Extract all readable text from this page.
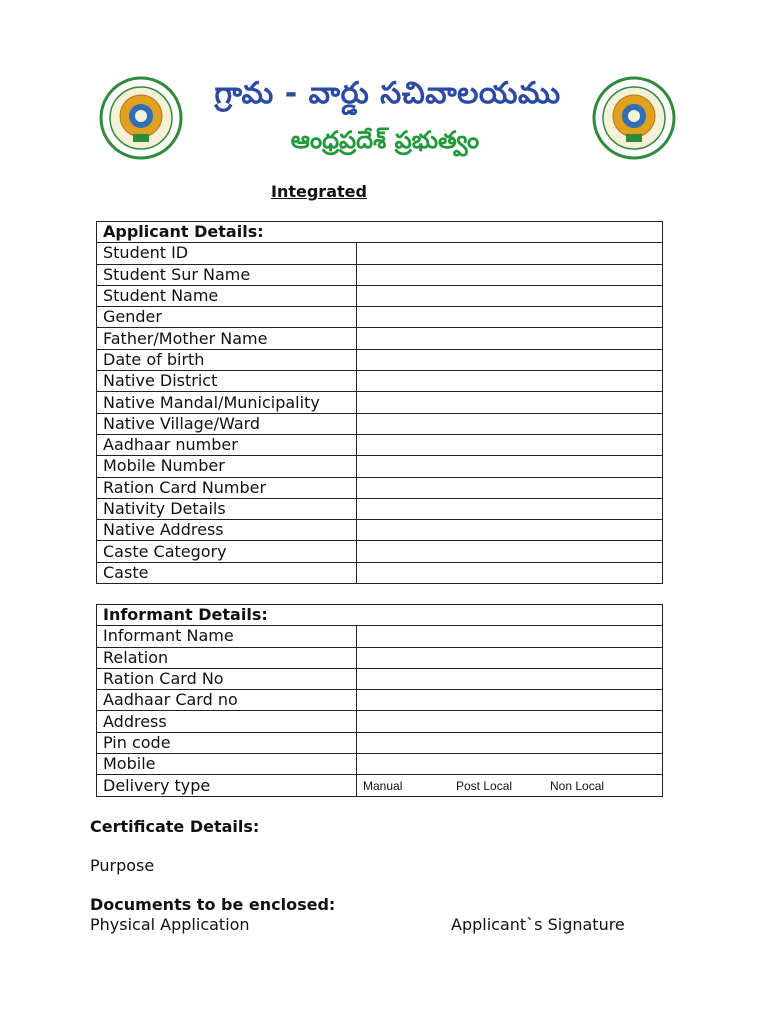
గ్రామ - వార్డు సచివాలయము
ఆంధ్రప్రదేశ్ ప్రభుత్వం
Integrated
Applicant Details:	
Student ID	
Student Sur Name	
Student Name	
Gender	
Father/Mother Name	
Date of birth	
Native District	
Native Mandal/Municipality	
Native Village/Ward	
Aadhaar number	
Mobile Number	
Ration Card Number	
Nativity Details	
Native Address	
Caste Category	
Caste	
Informant Details:	
Informant Name	
Relation	
Ration Card No	
Aadhaar Card no	
Address	
Pin code	
Mobile	
Delivery type	Manual Post Local Non Local
Certificate Details:
Purpose
Documents to be enclosed:
Physical Application	Applicant`s Signature
